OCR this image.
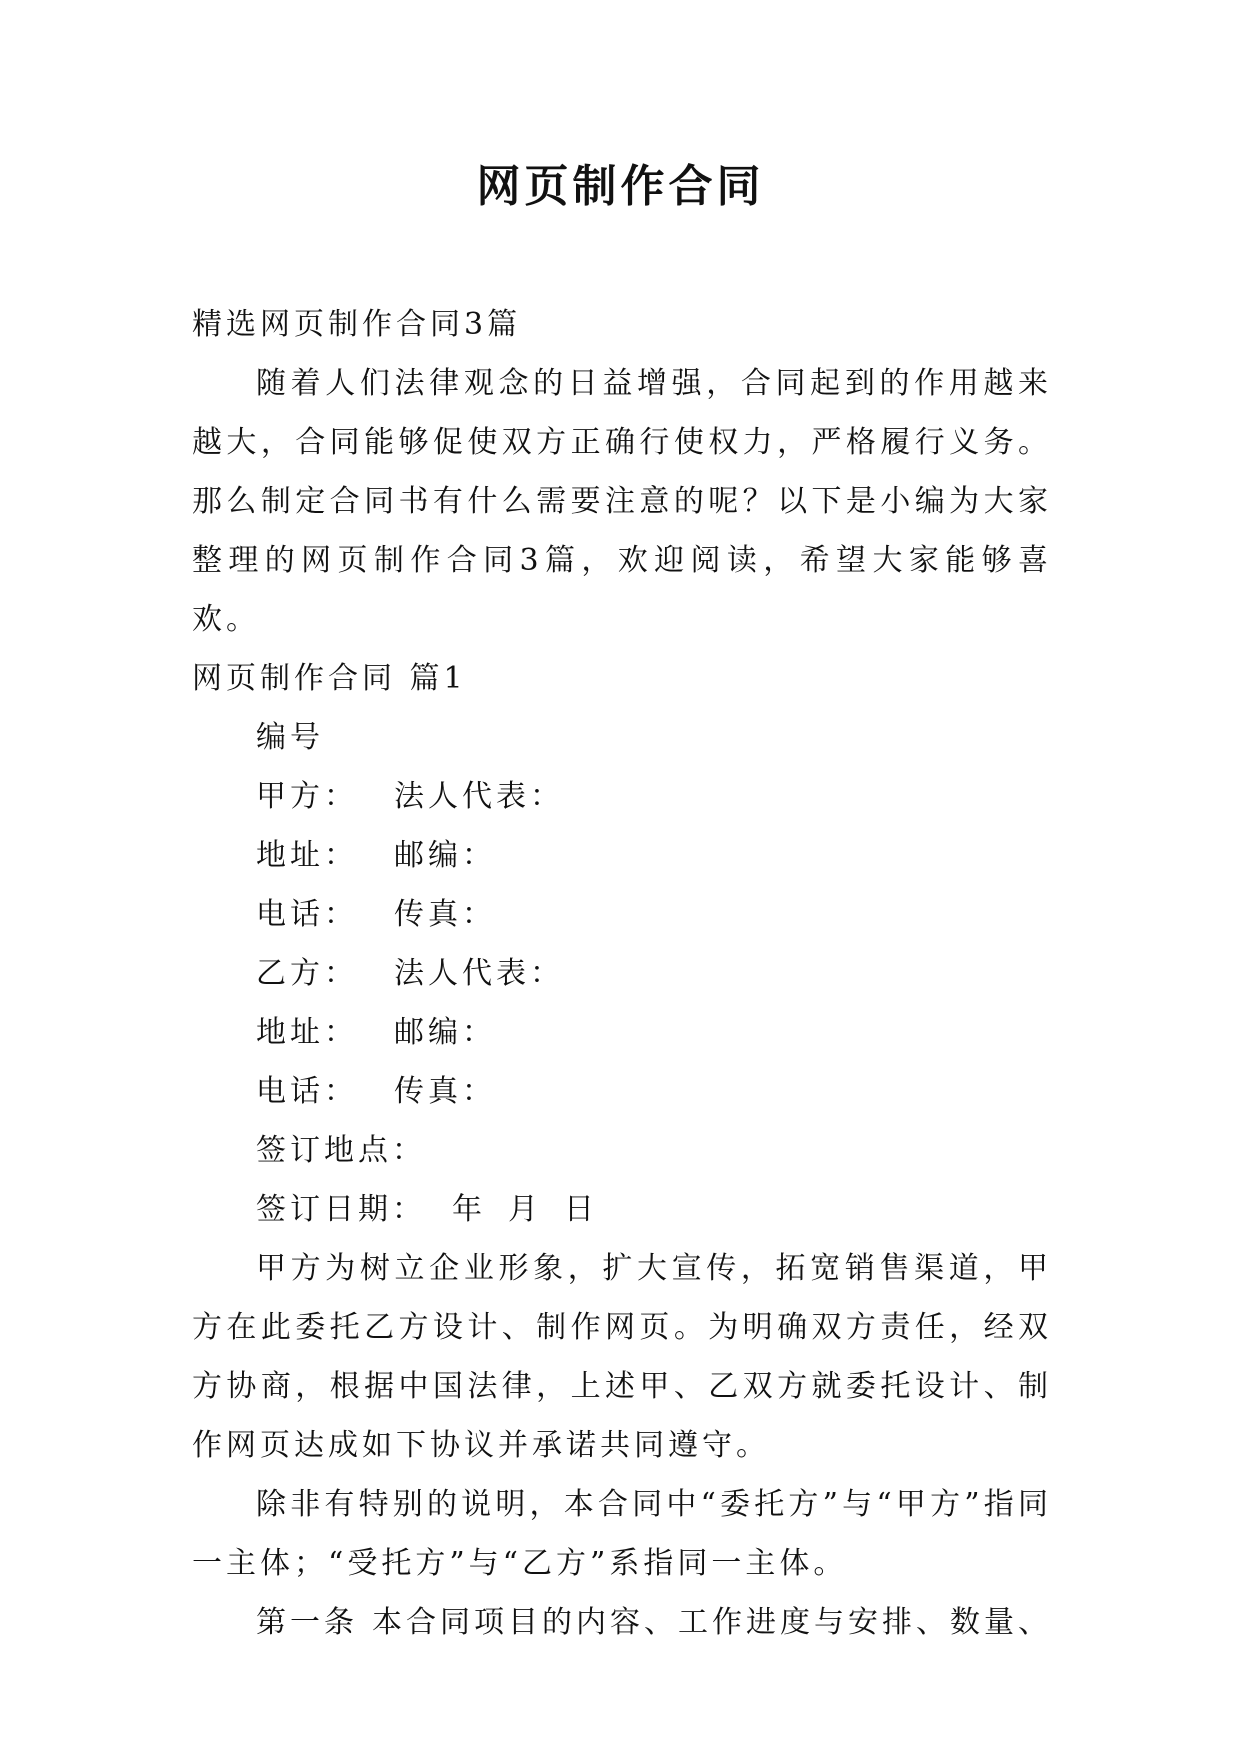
网页制作合同
精选网页制作合同3篇
随着人们法律观念的日益增强，合同起到的作用越来越大，合同能够促使双方正确行使权力，严格履行义务。那么制定合同书有什么需要注意的呢？以下是小编为大家整理的网页制作合同3篇，欢迎阅读，希望大家能够喜欢。
网页制作合同 篇1
编号
甲方： 法人代表：
地址： 邮编：
电话： 传真：
乙方： 法人代表：
地址： 邮编：
电话： 传真：
签订地点：
签订日期： 年 月 日
甲方为树立企业形象，扩大宣传，拓宽销售渠道，甲方在此委托乙方设计、制作网页。为明确双方责任，经双方协商，根据中国法律，上述甲、乙双方就委托设计、制作网页达成如下协议并承诺共同遵守。
除非有特别的说明，本合同中“委托方”与“甲方”指同一主体；“受托方”与“乙方”系指同一主体。
第一条 本合同项目的内容、工作进度与安排、数量、
